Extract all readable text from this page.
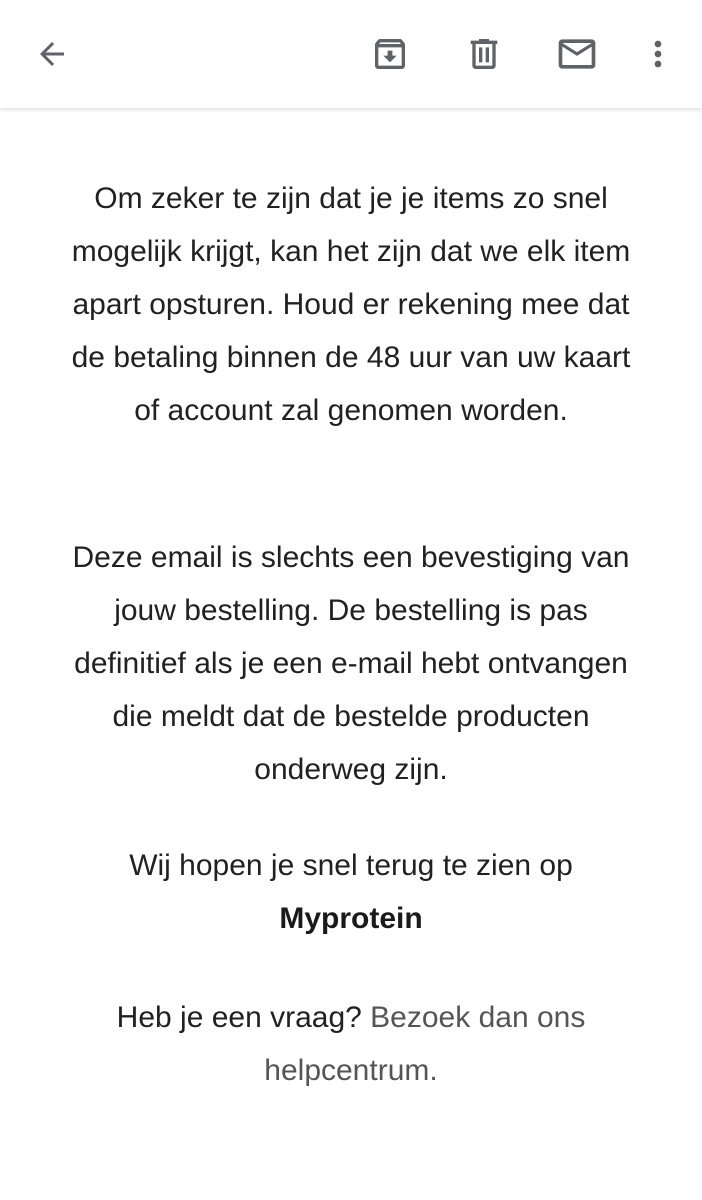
Om zeker te zijn dat je je items zo snel mogelijk krijgt, kan het zijn dat we elk item apart opsturen. Houd er rekening mee dat de betaling binnen de 48 uur van uw kaart of account zal genomen worden.

Deze email is slechts een bevestiging van jouw bestelling. De bestelling is pas definitief als je een e-mail hebt ontvangen die meldt dat de bestelde producten onderweg zijn.

Wij hopen je snel terug te zien op
Myprotein

Heb je een vraag? Bezoek dan ons helpcentrum.
